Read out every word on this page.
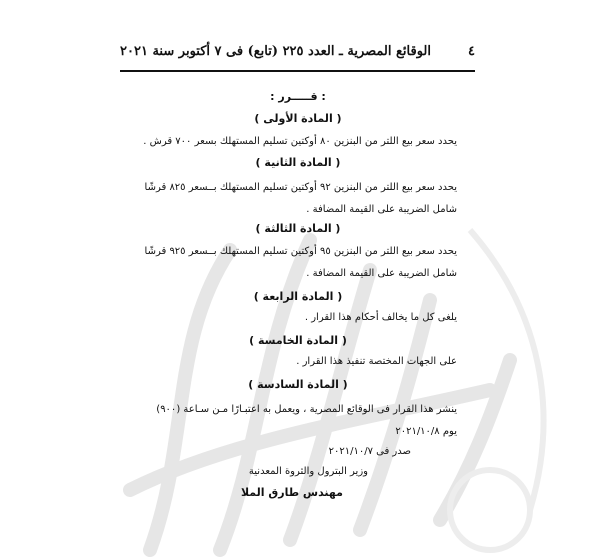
٤
الوقائع المصرية ـ العدد ٢٢٥ (تابع) فى ٧ أكتوبر سنة ٢٠٢١
: قـــــرر :
( المادة الأولى )
يحدد سعر بيع اللتر من البنزين ٨٠ أوكتين تسليم المستهلك بسعر ٧٠٠ قرش .
( المادة الثانية )
يحدد سعر بيع اللتر من البنزين ٩٢ أوكتين تسليم المستهلك بــسعر ٨٢٥ قرشًا
شامل الضريبة على القيمة المضافة .
( المادة الثالثة )
يحدد سعر بيع اللتر من البنزين ٩٥ أوكتين تسليم المستهلك بــسعر ٩٢٥ قرشًا
شامل الضريبة على القيمة المضافة .
( المادة الرابعة )
يلغى كل ما يخالف أحكام هذا القرار .
( المادة الخامسة )
على الجهات المختصة تنفيذ هذا القرار .
( المادة السادسة )
ينشر هذا القرار فى الوقائع المصرية ، ويعمل به اعتبـارًا مـن سـاعة (٩٠٠)
يوم ٢٠٢١/١٠/٨
صدر فى ٢٠٢١/١٠/٧
وزير البترول والثروة المعدنية
مهندس طارق الملا
